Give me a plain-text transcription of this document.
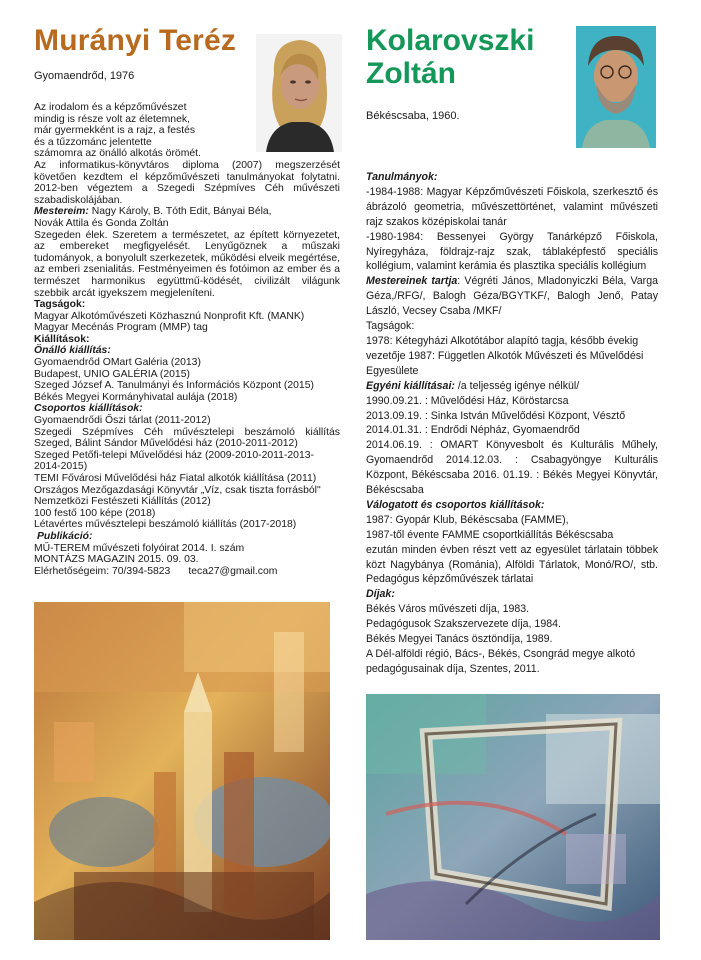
Murányi Teréz
Gyomaendrőd, 1976
Az irodalom és a képzőművészet
mindig is része volt az életemnek,
már gyermekként is a rajz, a festés
és a tűzzománc jelentette
számomra az önálló alkotás örömét.

Az informatikus-könyvtáros diploma (2007) megszerzését követően kezdtem el képzőművészeti tanulmányokat folytatni. 2012-ben végeztem a Szegedi Szépmíves Céh művészeti szabadiskolájában.

Mestereim: Nagy Károly, B. Tóth Edit, Bányai Béla,

Novák Attila és Gonda Zoltán

Szegeden élek. Szeretem a természetet, az épített környezetet, az embereket megfigyelését. Lenyűgöznek a műszaki tudományok, a bonyolult szerkezetek, működési elveik megértése, az emberi zsenialitás. Festményeimen és fotóimon az ember és a természet harmonikus együttmű-ködését, civilizált világunk szebbik arcát igyekszem megjeleníteni.

Tagságok:

Magyar Alkotóművészeti Közhasznú Nonprofit Kft. (MANK)

Magyar Mecénás Program (MMP) tag

Kiállítások:

Önálló kiállítás:

Gyomaendrőd OMart Galéria (2013)

Budapest, UNIO GALÉRIA (2015)

Szeged József A. Tanulmányi és Információs Központ (2015)

Békés Megyei Kormányhivatal aulája (2018)

Csoportos kiállítások:

Gyomaendrődi Őszi tárlat (2011-2012)

Szegedi Szépmíves Céh művésztelepi beszámoló kiállítás Szeged, Bálint Sándor Művelődési ház (2010-2011-2012)

Szeged Petőfi-telepi Művelődési ház (2009-2010-2011-2013-2014-2015)

TEMI Fővárosi Művelődési ház Fiatal alkotók kiállítása (2011)

Országos Mezőgazdasági Könyvtár „Víz, csak tiszta forrásból"

Nemzetközi Festészeti Kiállítás (2012)

100 festő 100 képe (2018)

Létavértes művésztelepi beszámoló kiállítás (2017-2018)

Publikáció:

MŰ-TEREM művészeti folyóirat 2014. I. szám

MONTÁZS MAGAZIN 2015. 09. 03.

Elérhetőségeim: 70/394-5823 teca27@gmail.com

Kolarovszki
Zoltán
Békéscsaba, 1960.

Tanulmányok:

-1984-1988: Magyar Képzőművészeti Főiskola, szerkesztő és ábrázoló geometria, művészettörténet, valamint művészeti rajz szakos középiskolai tanár

-1980-1984: Bessenyei György Tanárképző Főiskola, Nyíregyháza, földrajz-rajz szak, táblaképfestő speciális kollégium, valamint kerámia és plasztika speciális kollégium

Mestereinek tartja: Végréti János, Mladonyiczki Béla, Varga Géza,/RFG/, Balogh Géza/BGYTKF/, Balogh Jenő, Patay László, Vecsey Csaba /MKF/

Tagságok:

1978: Kétegyházi Alkotótábor alapító tagja, később évekig vezetője 1987: Független Alkotók Művészeti és Művelődési Egyesülete

Egyéni kiállításai: /a teljesség igénye nélkül/

1990.09.21. : Művelődési Ház, Köröstarcsa

2013.09.19. : Sinka István Művelődési Központ, Vésztő

2014.01.31. : Endrődi Népház, Gyomaendrőd

2014.06.19. : OMART Könyvesbolt és Kulturális Műhely, Gyomaendrőd 2014.12.03. : Csabagyöngye Kulturális Központ, Békéscsaba 2016. 01.19. : Békés Megyei Könyvtár, Békéscsaba

Válogatott és csoportos kiállítások:

1987: Gyopár Klub, Békéscsaba (FAMME),

1987-től évente FAMME csoportkiállítás Békéscsaba

ezután minden évben részt vett az egyesület tárlatain többek közt Nagybánya (Románia), Alföldi Tárlatok, Monó/RO/, stb. Pedagógus képzőművészek tárlatai

Díjak:

Békés Város művészeti díja, 1983.

Pedagógusok Szakszervezete díja, 1984.

Békés Megyei Tanács ösztöndíja, 1989.

A Dél-alföldi régió, Bács-, Békés, Csongrád megye alkotó pedagógusainak díja, Szentes, 2011.
